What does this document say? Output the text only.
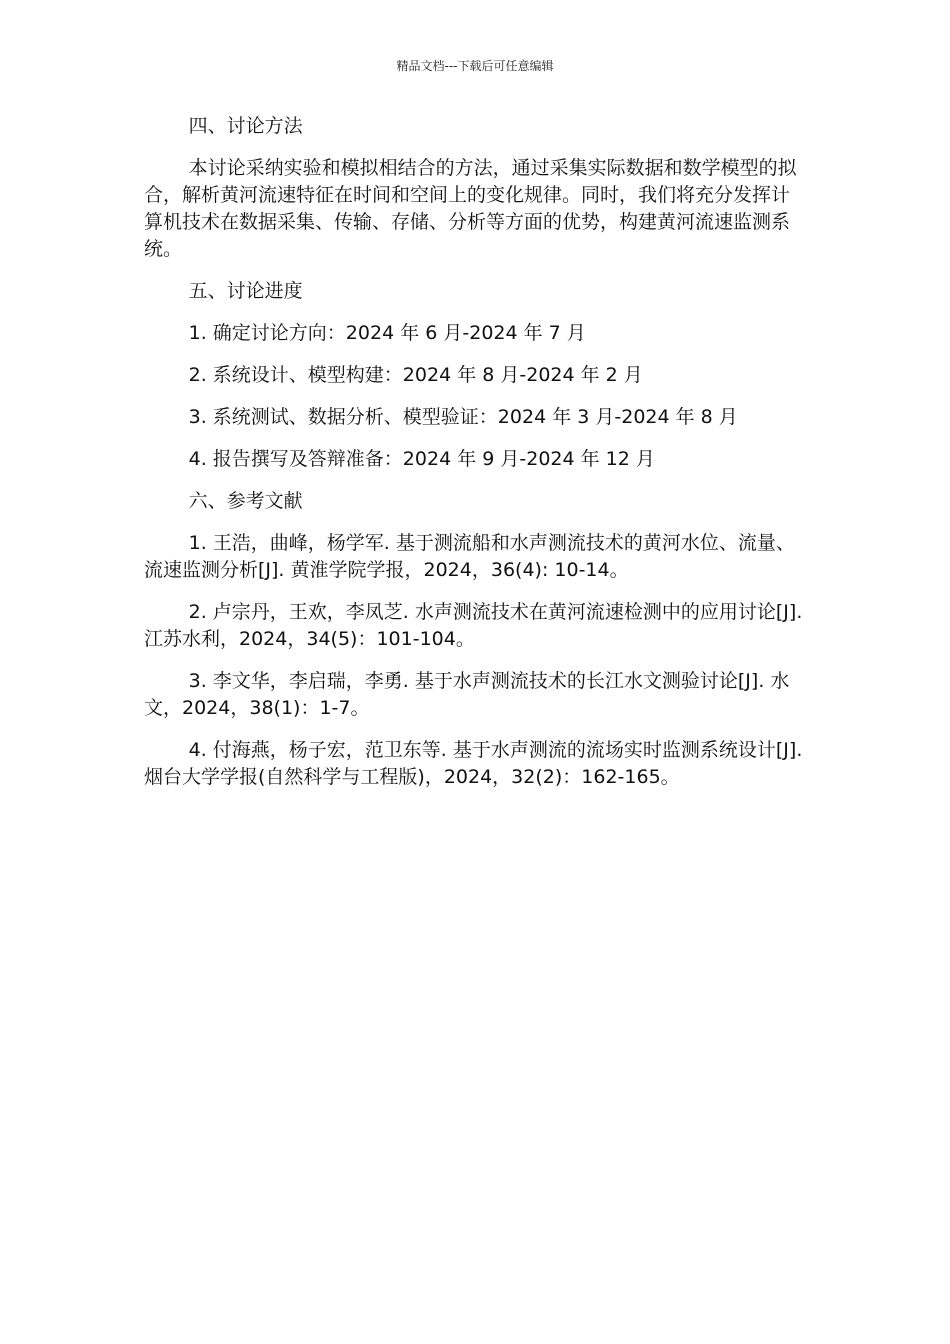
精品文档---下载后可任意编辑

四、讨论方法

本讨论采纳实验和模拟相结合的方法，通过采集实际数据和数学模型的拟合，解析黄河流速特征在时间和空间上的变化规律。同时，我们将充分发挥计算机技术在数据采集、传输、存储、分析等方面的优势，构建黄河流速监测系统。

五、讨论进度

1. 确定讨论方向：2024 年 6 月-2024 年 7 月

2. 系统设计、模型构建：2024 年 8 月-2024 年 2 月

3. 系统测试、数据分析、模型验证：2024 年 3 月-2024 年 8 月

4. 报告撰写及答辩准备：2024 年 9 月-2024 年 12 月

六、参考文献

1. 王浩，曲峰，杨学军. 基于测流船和水声测流技术的黄河水位、流量、流速监测分析[J]. 黄淮学院学报，2024，36(4): 10-14。

2. 卢宗丹，王欢，李凤芝. 水声测流技术在黄河流速检测中的应用讨论[J]. 江苏水利，2024，34(5)：101-104。

3. 李文华，李启瑞，李勇. 基于水声测流技术的长江水文测验讨论[J]. 水文，2024，38(1)：1-7。

4. 付海燕，杨子宏，范卫东等. 基于水声测流的流场实时监测系统设计[J]. 烟台大学学报(自然科学与工程版)，2024，32(2)：162-165。
